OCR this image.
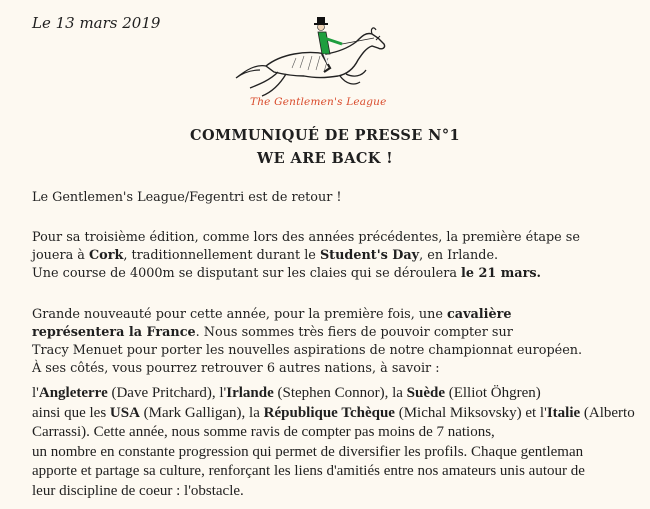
Le 13 mars 2019
The Gentlemen's League
COMMUNIQUÉ DE PRESSE N°1
WE ARE BACK !

Le Gentlemen's League/Fegentri est de retour !

Pour sa troisième édition, comme lors des années précédentes, la première étape se

jouera à Cork, traditionnellement durant le Student's Day, en Irlande.

Une course de 4000m se disputant sur les claies qui se déroulera le 21 mars.

Grande nouveauté pour cette année, pour la première fois, une cavalière

représentera la France. Nous sommes très fiers de pouvoir compter sur

Tracy Menuet pour porter les nouvelles aspirations de notre championnat européen.

À ses côtés, vous pourrez retrouver 6 autres nations, à savoir :

l'Angleterre (Dave Pritchard), l'Irlande (Stephen Connor), la Suède (Elliot Öhgren)

ainsi que les USA (Mark Galligan), la République Tchèque (Michal Miksovsky) et l'Italie (Alberto

Carrassi). Cette année, nous somme ravis de compter pas moins de 7 nations,

un nombre en constante progression qui permet de diversifier les profils. Chaque gentleman

apporte et partage sa culture, renforçant les liens d'amitiés entre nos amateurs unis autour de

leur discipline de coeur : l'obstacle.
